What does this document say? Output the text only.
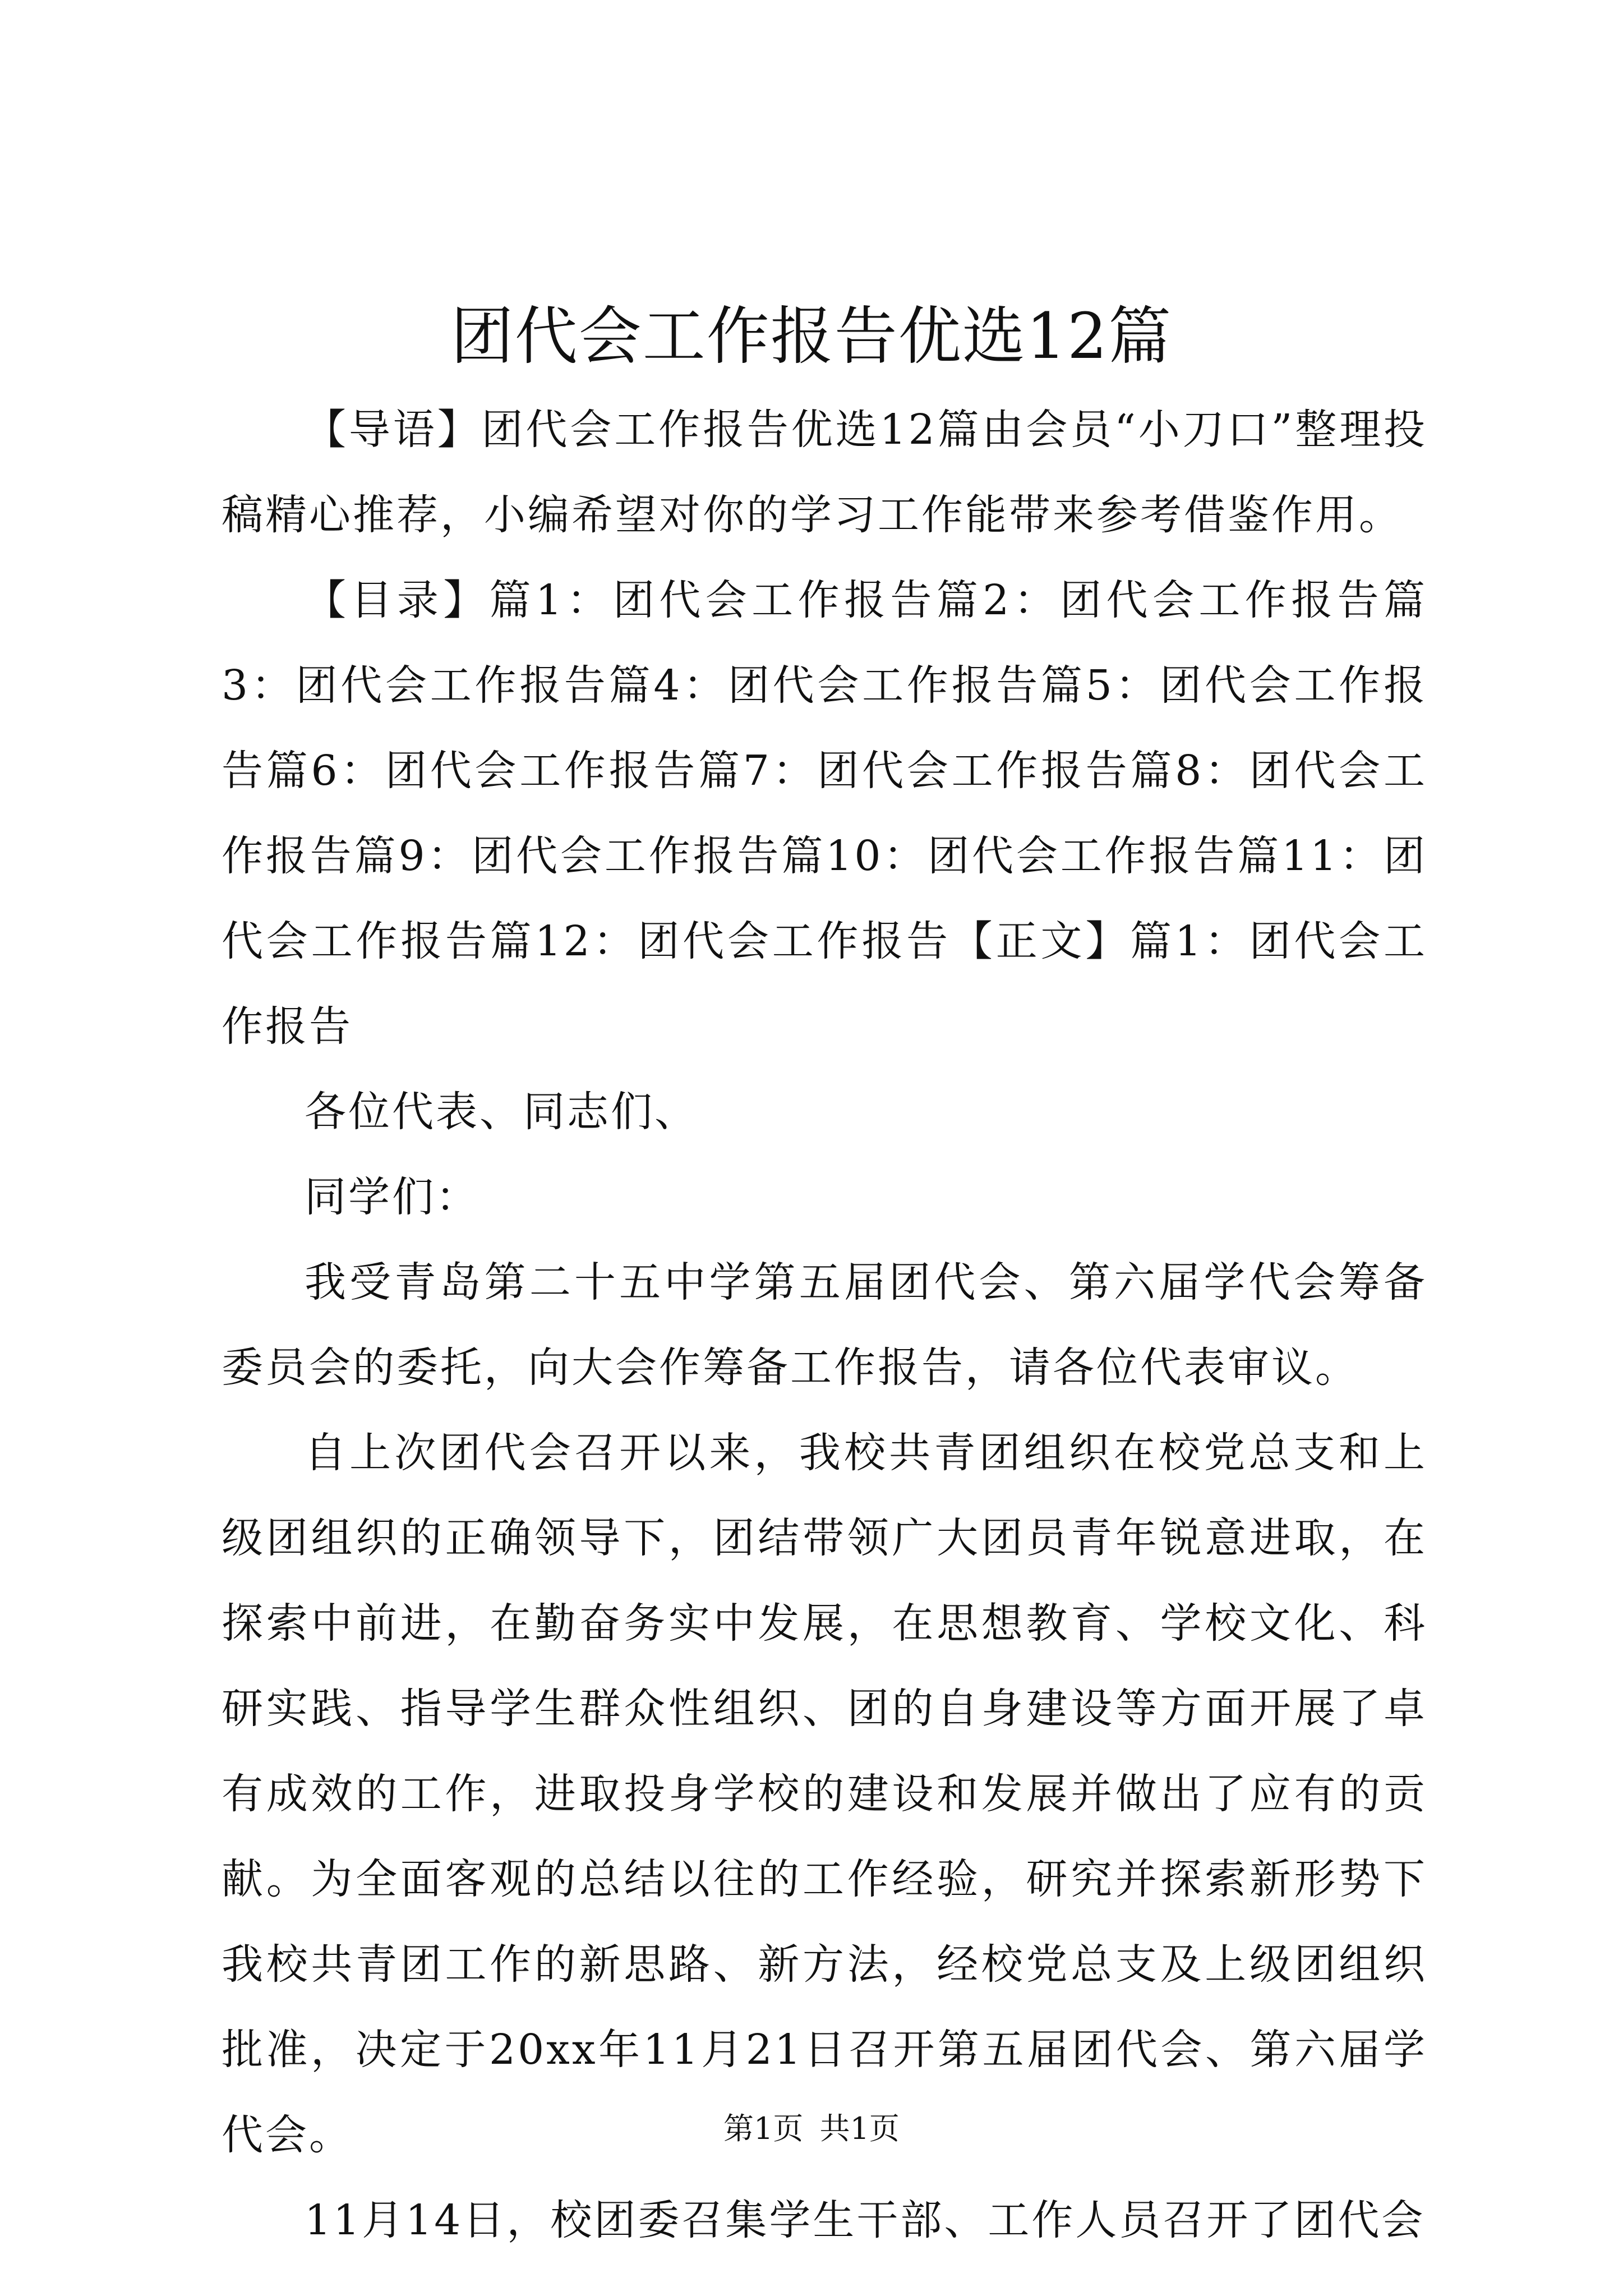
团代会工作报告优选12篇

【导语】团代会工作报告优选12篇由会员“小刀口”整理投稿精心推荐，小编希望对你的学习工作能带来参考借鉴作用。

【目录】篇1：团代会工作报告篇2：团代会工作报告篇3：团代会工作报告篇4：团代会工作报告篇5：团代会工作报告篇6：团代会工作报告篇7：团代会工作报告篇8：团代会工作报告篇9：团代会工作报告篇10：团代会工作报告篇11：团代会工作报告篇12：团代会工作报告【正文】篇1：团代会工作报告

各位代表、同志们、

同学们：

我受青岛第二十五中学第五届团代会、第六届学代会筹备委员会的委托，向大会作筹备工作报告，请各位代表审议。

自上次团代会召开以来，我校共青团组织在校党总支和上级团组织的正确领导下，团结带领广大团员青年锐意进取，在探索中前进，在勤奋务实中发展，在思想教育、学校文化、科研实践、指导学生群众性组织、团的自身建设等方面开展了卓有成效的工作，进取投身学校的建设和发展并做出了应有的贡献。为全面客观的总结以往的工作经验，研究并探索新形势下我校共青团工作的新思路、新方法，经校党总支及上级团组织批准，决定于20xx年11月21日召开第五届团代会、第六届学代会。

11月14日，校团委召集学生干部、工作人员召开了团代会

第1页 共1页
